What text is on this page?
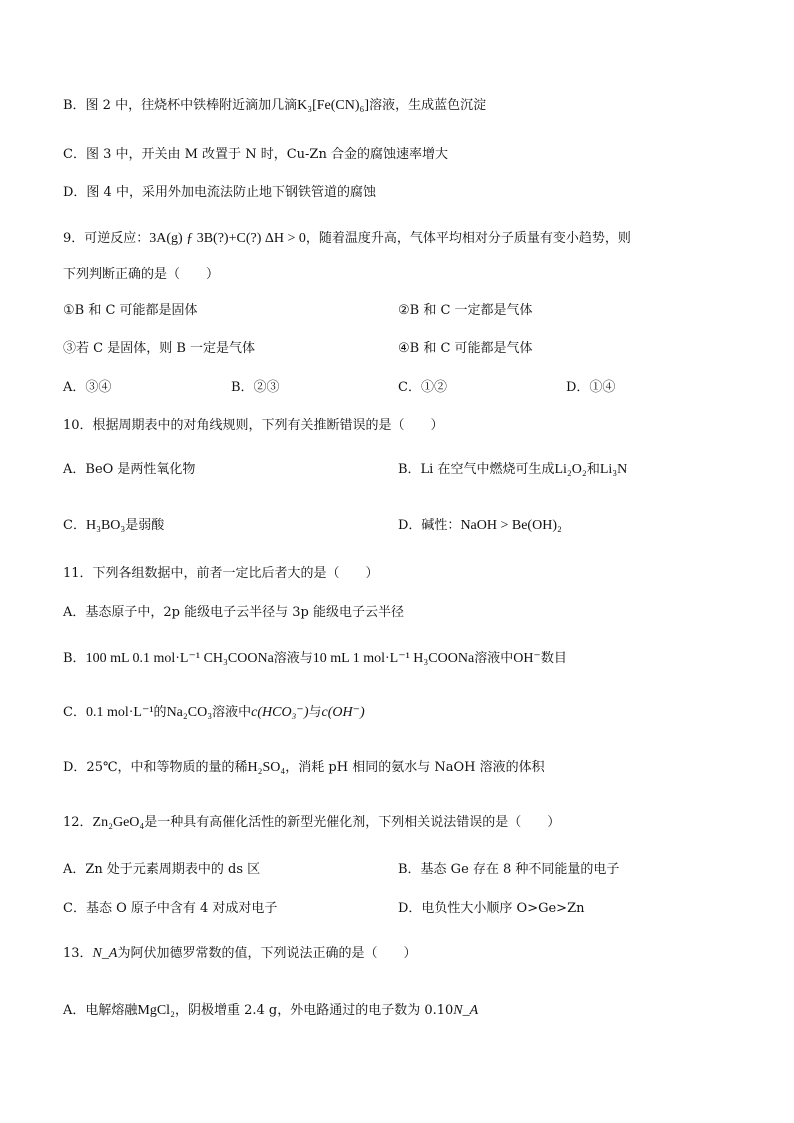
B．图 2 中，往烧杯中铁棒附近滴加几滴K₃[Fe(CN)₆]溶液，生成蓝色沉淀
C．图 3 中，开关由 M 改置于 N 时，Cu-Zn 合金的腐蚀速率增大
D．图 4 中，采用外加电流法防止地下钢铁管道的腐蚀
9．可逆反应：3A(g) ƒ 3B(?)+C(?) ΔH > 0，随着温度升高，气体平均相对分子质量有变小趋势，则
下列判断正确的是（　　）
①B 和 C 可能都是固体	②B 和 C 一定都是气体
③若 C 是固体，则 B 一定是气体	④B 和 C 可能都是气体
A．③④	B．②③	C．①②	D．①④
10．根据周期表中的对角线规则，下列有关推断错误的是（　　）
A．BeO 是两性氧化物	B．Li 在空气中燃烧可生成Li₂O₂和Li₃N
C．H₃BO₃是弱酸	D．碱性：NaOH > Be(OH)₂
11．下列各组数据中，前者一定比后者大的是（　　）
A．基态原子中，2p 能级电子云半径与 3p 能级电子云半径
B．100 mL 0.1 mol·L⁻¹ CH₃COONa溶液与10 mL 1 mol·L⁻¹ H₃COONa溶液中OH⁻数目
C．0.1 mol·L⁻¹的Na₂CO₃溶液中c(HCO₃⁻)与c(OH⁻)
D．25℃，中和等物质的量的稀H₂SO₄，消耗 pH 相同的氨水与 NaOH 溶液的体积
12．Zn₂GeO₄是一种具有高催化活性的新型光催化剂，下列相关说法错误的是（　　）
A．Zn 处于元素周期表中的 ds 区	B．基态 Ge 存在 8 种不同能量的电子
C．基态 O 原子中含有 4 对成对电子	D．电负性大小顺序 O>Ge>Zn
13．N_A为阿伏加德罗常数的值，下列说法正确的是（　　）
A．电解熔融MgCl₂，阴极增重 2.4 g，外电路通过的电子数为 0.10N_A
